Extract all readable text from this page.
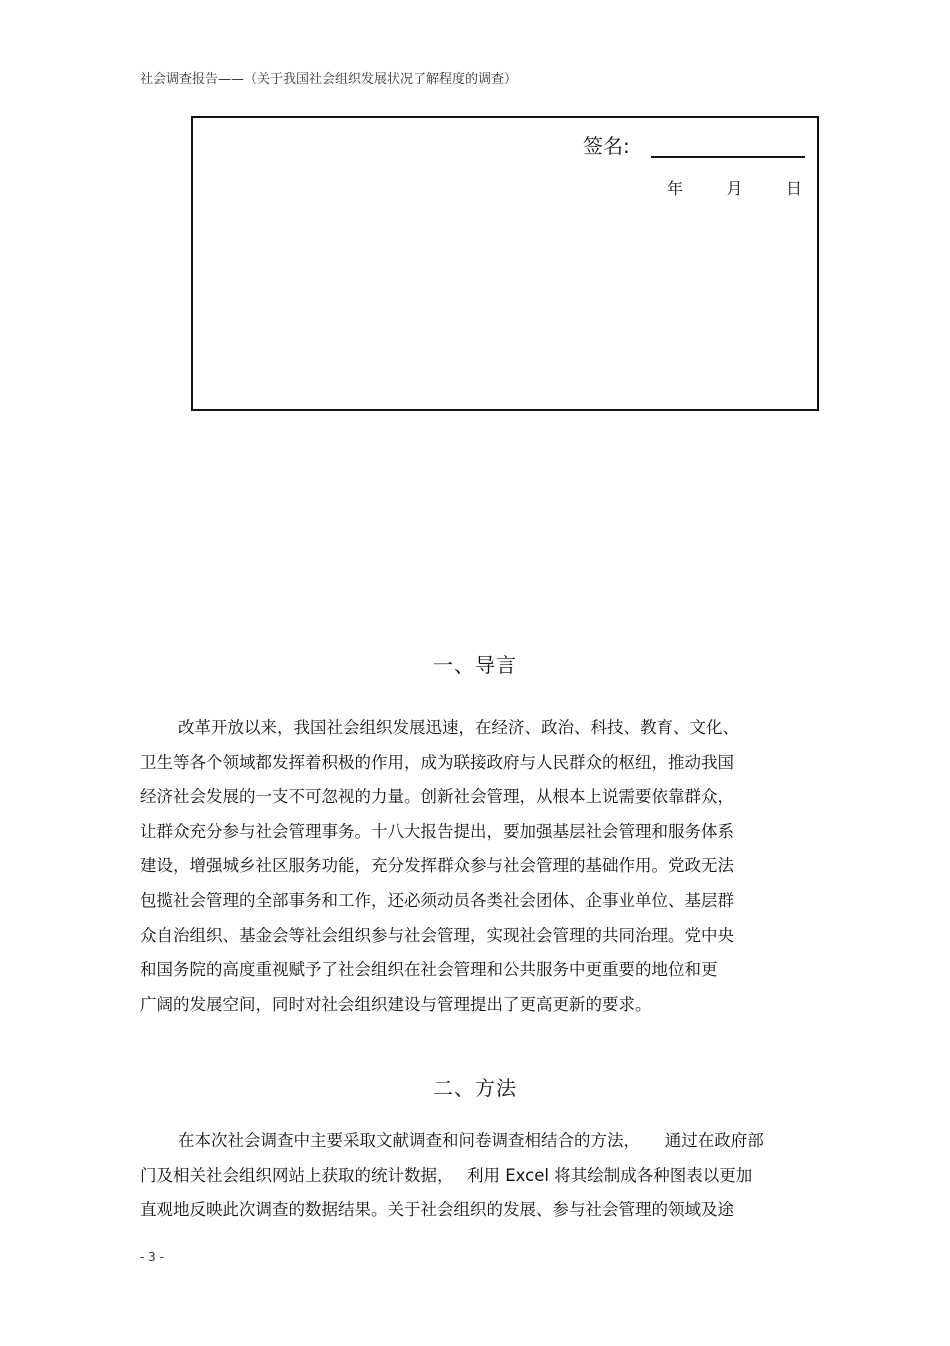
社会调查报告——（关于我国社会组织发展状况了解程度的调查）
签名:
年	月	日
一、导言
改革开放以来，我国社会组织发展迅速，在经济、政治、科技、教育、文化、
卫生等各个领域都发挥着积极的作用，成为联接政府与人民群众的枢纽，推动我国
经济社会发展的一支不可忽视的力量。创新社会管理，从根本上说需要依靠群众，
让群众充分参与社会管理事务。十八大报告提出，要加强基层社会管理和服务体系
建设，增强城乡社区服务功能，充分发挥群众参与社会管理的基础作用。党政无法
包揽社会管理的全部事务和工作，还必须动员各类社会团体、企事业单位、基层群
众自治组织、基金会等社会组织参与社会管理，实现社会管理的共同治理。党中央
和国务院的高度重视赋予了社会组织在社会管理和公共服务中更重要的地位和更
广阔的发展空间，同时对社会组织建设与管理提出了更高更新的要求。
二、方法
在本次社会调查中主要采取文献调查和问卷调查相结合的方法，　　通过在政府部
门及相关社会组织网站上获取的统计数据，　 利用 Excel 将其绘制成各种图表以更加
直观地反映此次调查的数据结果。关于社会组织的发展、参与社会管理的领域及途
- 3 -
